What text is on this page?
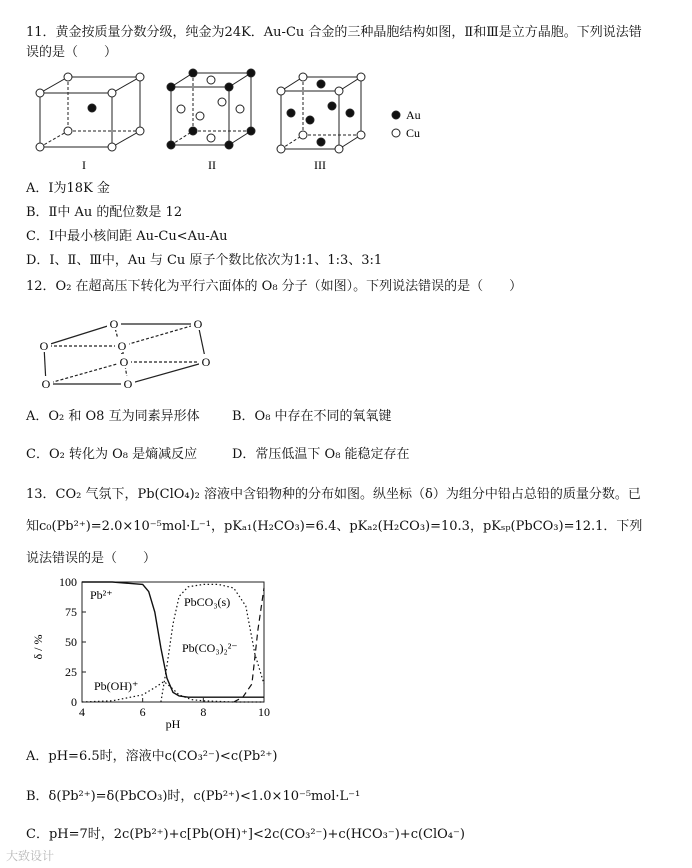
11．黄金按质量分数分级，纯金为24K．Au-Cu 合金的三种晶胞结构如图，Ⅱ和Ⅲ是立方晶胞。下列说法错
误的是（　　）
I	II	III
Au
Cu
A．Ⅰ为18K 金
B．Ⅱ中 Au 的配位数是 12
C．Ⅰ中最小核间距 Au-Cu<Au-Au
D．Ⅰ、Ⅱ、Ⅲ中，Au 与 Cu 原子个数比依次为1:1、1:3、3:1
12．O₂ 在超高压下转化为平行六面体的 O₈ 分子（如图）。下列说法错误的是（　　）
O	O
O	O
O	O
O	O
A．O₂ 和 O8 互为同素异形体 B．O₈ 中存在不同的氧氧键
C．O₂ 转化为 O₈ 是熵减反应	D．常压低温下 O₈ 能稳定存在
13．CO₂ 气氛下，Pb(ClO₄)₂ 溶液中含铅物种的分布如图。纵坐标（δ）为组分中铅占总铅的质量分数。已
知c₀(Pb²⁺)=2.0×10⁻⁵mol·L⁻¹，pKₐ₁(H₂CO₃)=6.4、pKₐ₂(H₂CO₃)=10.3，pKₛₚ(PbCO₃)=12.1．下列
说法错误的是（　　）
0
25
50
75
100
4	6	8	10
δ / %
pH
Pb²⁺	PbCO₃(s)
Pb(CO₃)₂²⁻
Pb(OH)⁺
A．pH=6.5时，溶液中c(CO₃²⁻)<c(Pb²⁺)
B．δ(Pb²⁺)=δ(PbCO₃)时，c(Pb²⁺)<1.0×10⁻⁵mol·L⁻¹
C．pH=7时，2c(Pb²⁺)+c[Pb(OH)⁺]<2c(CO₃²⁻)+c(HCO₃⁻)+c(ClO₄⁻)
大致设计
